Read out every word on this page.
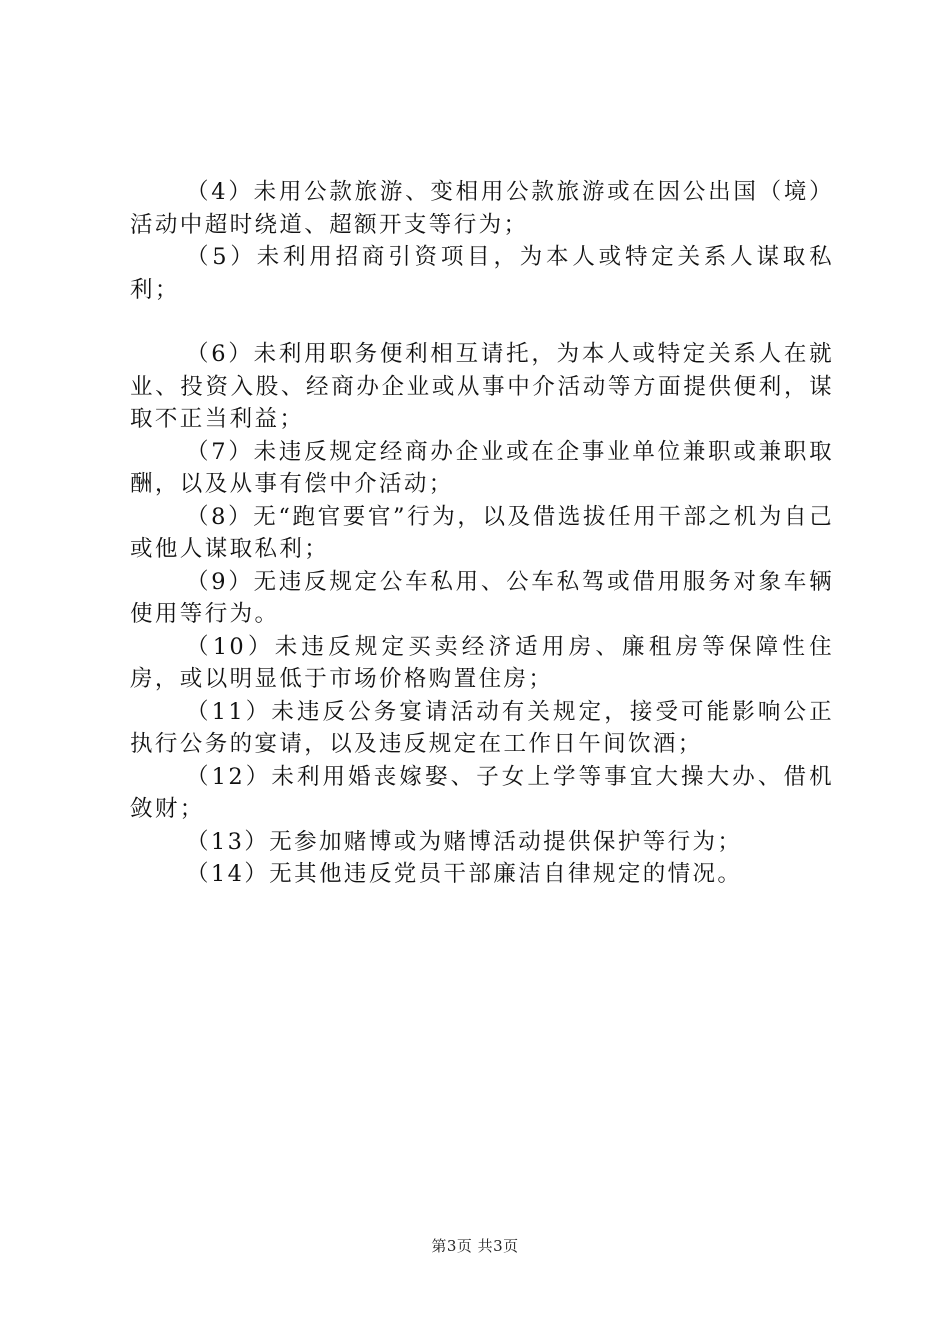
（4）未用公款旅游、变相用公款旅游或在因公出国（境）活动中超时绕道、超额开支等行为；

（5）未利用招商引资项目，为本人或特定关系人谋取私利；

（6）未利用职务便利相互请托，为本人或特定关系人在就业、投资入股、经商办企业或从事中介活动等方面提供便利，谋取不正当利益；

（7）未违反规定经商办企业或在企事业单位兼职或兼职取酬，以及从事有偿中介活动；

（8）无“跑官要官”行为，以及借选拔任用干部之机为自己或他人谋取私利；

（9）无违反规定公车私用、公车私驾或借用服务对象车辆使用等行为。

（10）未违反规定买卖经济适用房、廉租房等保障性住房，或以明显低于市场价格购置住房；

（11）未违反公务宴请活动有关规定，接受可能影响公正执行公务的宴请，以及违反规定在工作日午间饮酒；

（12）未利用婚丧嫁娶、子女上学等事宜大操大办、借机敛财；

（13）无参加赌博或为赌博活动提供保护等行为；

（14）无其他违反党员干部廉洁自律规定的情况。

第3页 共3页
